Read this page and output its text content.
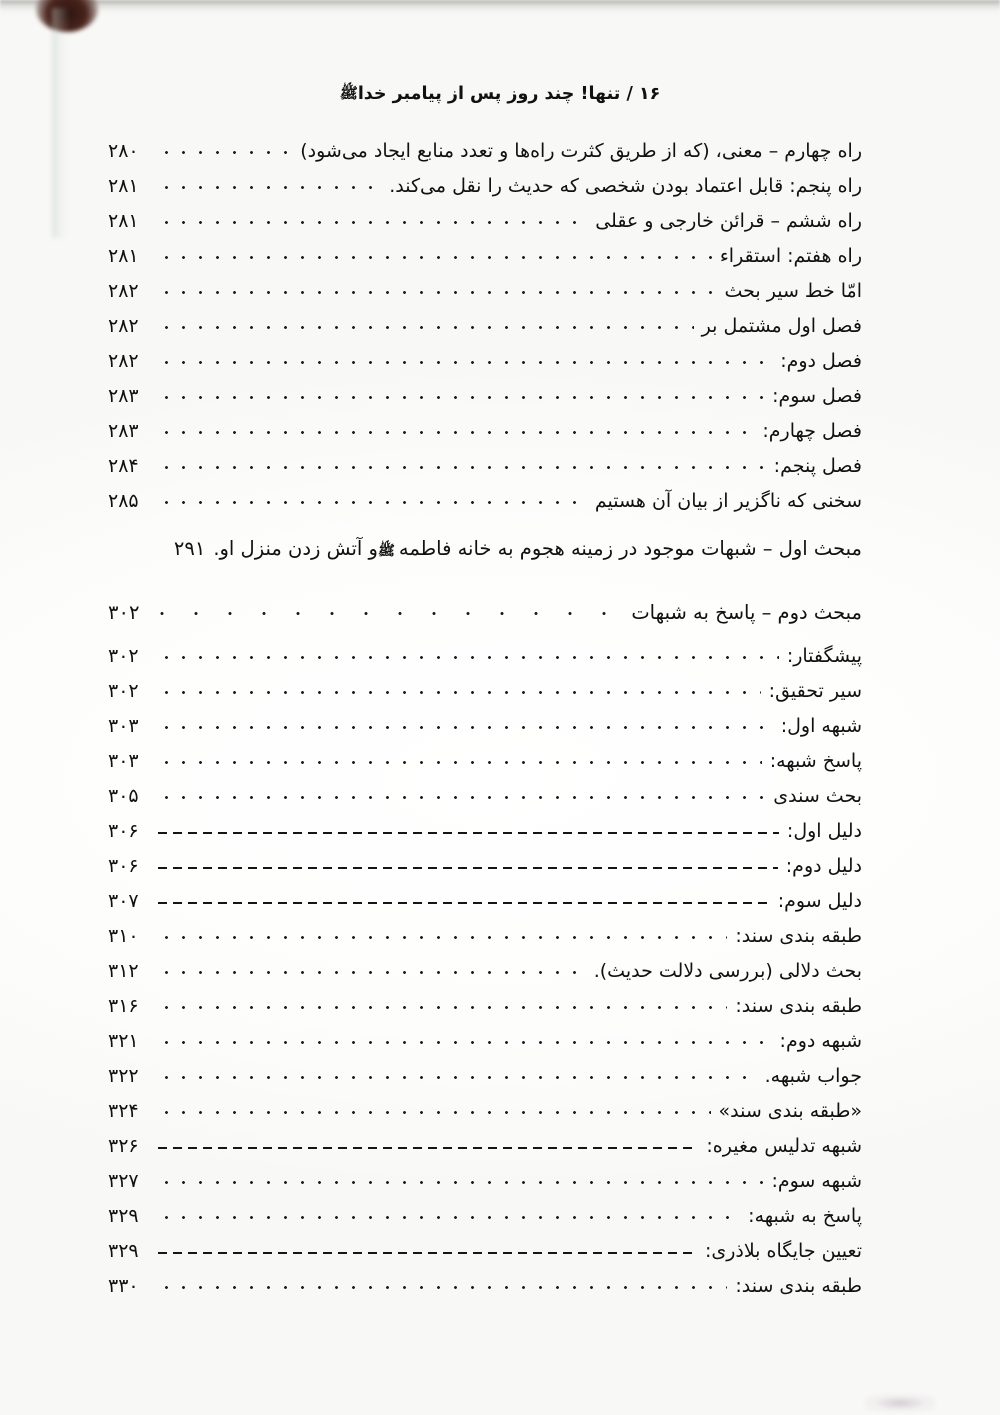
۱۶ / تنها! چند روز پس از پیامبر خداﷺ
راه چهارم – معنی، (که از طریق کثرت راه‌ها و تعدد منابع ایجاد می‌شود)
۲۸۰
راه پنجم: قابل اعتماد بودن شخصی که حدیث را نقل می‌کند.
۲۸۱
راه ششم – قرائن خارجی و عقلی
۲۸۱
راه هفتم: استقراء
۲۸۱
امّا خط سیر بحث
۲۸۲
فصل اول مشتمل بر
۲۸۲
فصل دوم:
۲۸۲
فصل سوم:
۲۸۳
فصل چهارم:
۲۸۳
فصل پنجم:
۲۸۴
سخنی که ناگزیر از بیان آن هستیم
۲۸۵
مبحث اول – شبهات موجود در زمینه هجوم به خانه فاطمه
ﷺ
و آتش زدن منزل او.
۲۹۱
مبحث دوم – پاسخ به شبهات
۳۰۲
پیشگفتار:
۳۰۲
سیر تحقیق:
۳۰۲
شبهه اول:
۳۰۳
پاسخ شبهه:
۳۰۳
بحث سندی
۳۰۵
دلیل اول:
۳۰۶
دلیل دوم:
۳۰۶
دلیل سوم:
۳۰۷
طبقه بندی سند:
۳۱۰
بحث دلالی (بررسی دلالت حدیث).
۳۱۲
طبقه بندی سند:
۳۱۶
شبهه دوم:
۳۲۱
جواب شبهه.
۳۲۲
«طبقه بندی سند»
۳۲۴
شبهه تدلیس مغیره:
۳۲۶
شبهه سوم:
۳۲۷
پاسخ به شبهه:
۳۲۹
تعیین جایگاه بلاذری:
۳۲۹
طبقه بندی سند:
۳۳۰
